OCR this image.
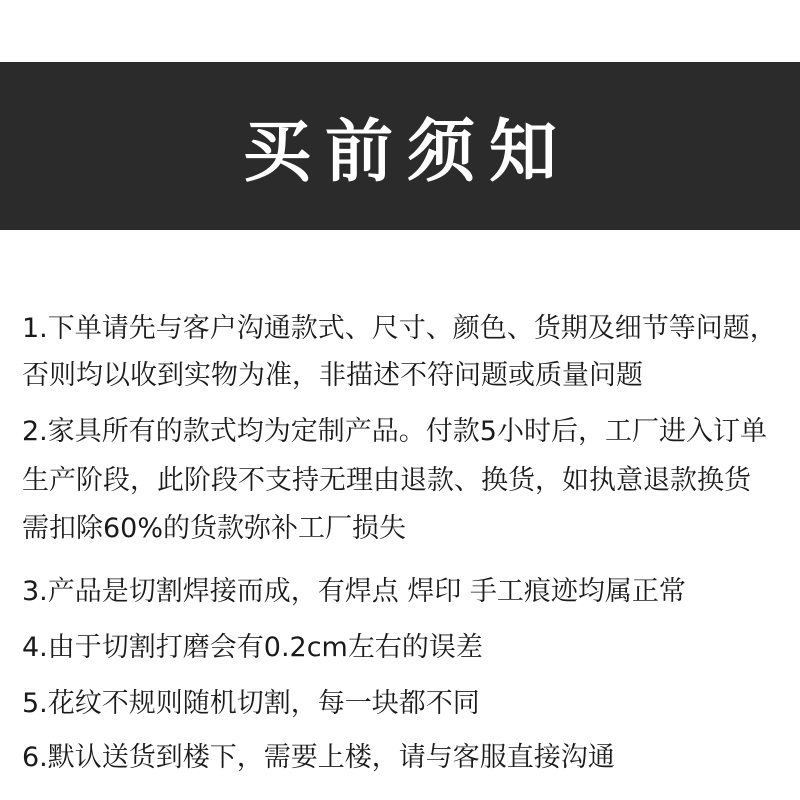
买前须知
1.下单请先与客户沟通款式、尺寸、颜色、货期及细节等问题，
否则均以收到实物为准，非描述不符问题或质量问题
2.家具所有的款式均为定制产品。付款5小时后，工厂进入订单
生产阶段，此阶段不支持无理由退款、换货，如执意退款换货
需扣除60%的货款弥补工厂损失
3.产品是切割焊接而成，有焊点 焊印 手工痕迹均属正常
4.由于切割打磨会有0.2cm左右的误差
5.花纹不规则随机切割，每一块都不同
6.默认送货到楼下，需要上楼，请与客服直接沟通
